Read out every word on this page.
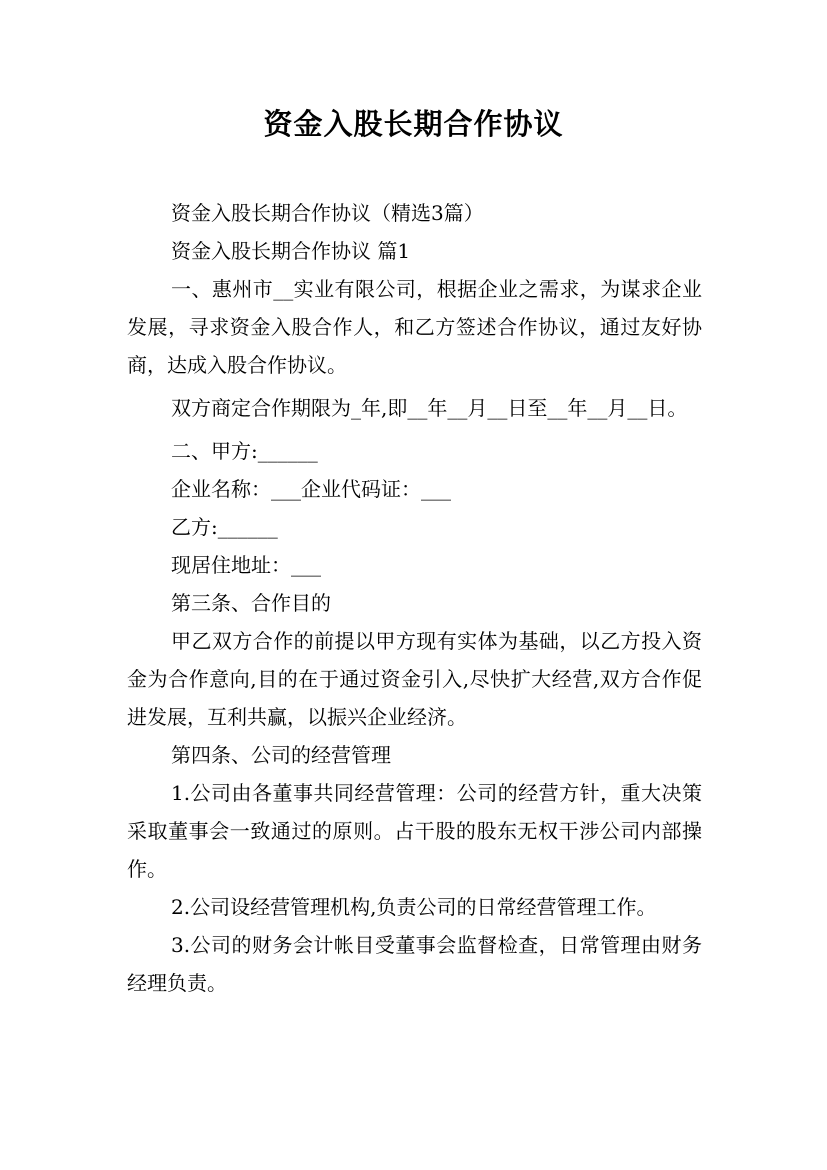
资金入股长期合作协议

资金入股长期合作协议（精选3篇）

资金入股长期合作协议 篇1

一、惠州市__实业有限公司，根据企业之需求，为谋求企业发展，寻求资金入股合作人，和乙方签述合作协议，通过友好协商，达成入股合作协议。

双方商定合作期限为_年,即__年__月__日至__年__月__日。

二、甲方:______

企业名称：___企业代码证：___

乙方:______

现居住地址：___

第三条、合作目的

甲乙双方合作的前提以甲方现有实体为基础，以乙方投入资金为合作意向,目的在于通过资金引入,尽快扩大经营,双方合作促进发展，互利共赢，以振兴企业经济。

第四条、公司的经营管理

1.公司由各董事共同经营管理：公司的经营方针，重大决策采取董事会一致通过的原则。占干股的股东无权干涉公司内部操作。

2.公司设经营管理机构,负责公司的日常经营管理工作。

3.公司的财务会计帐目受董事会监督检查，日常管理由财务经理负责。
